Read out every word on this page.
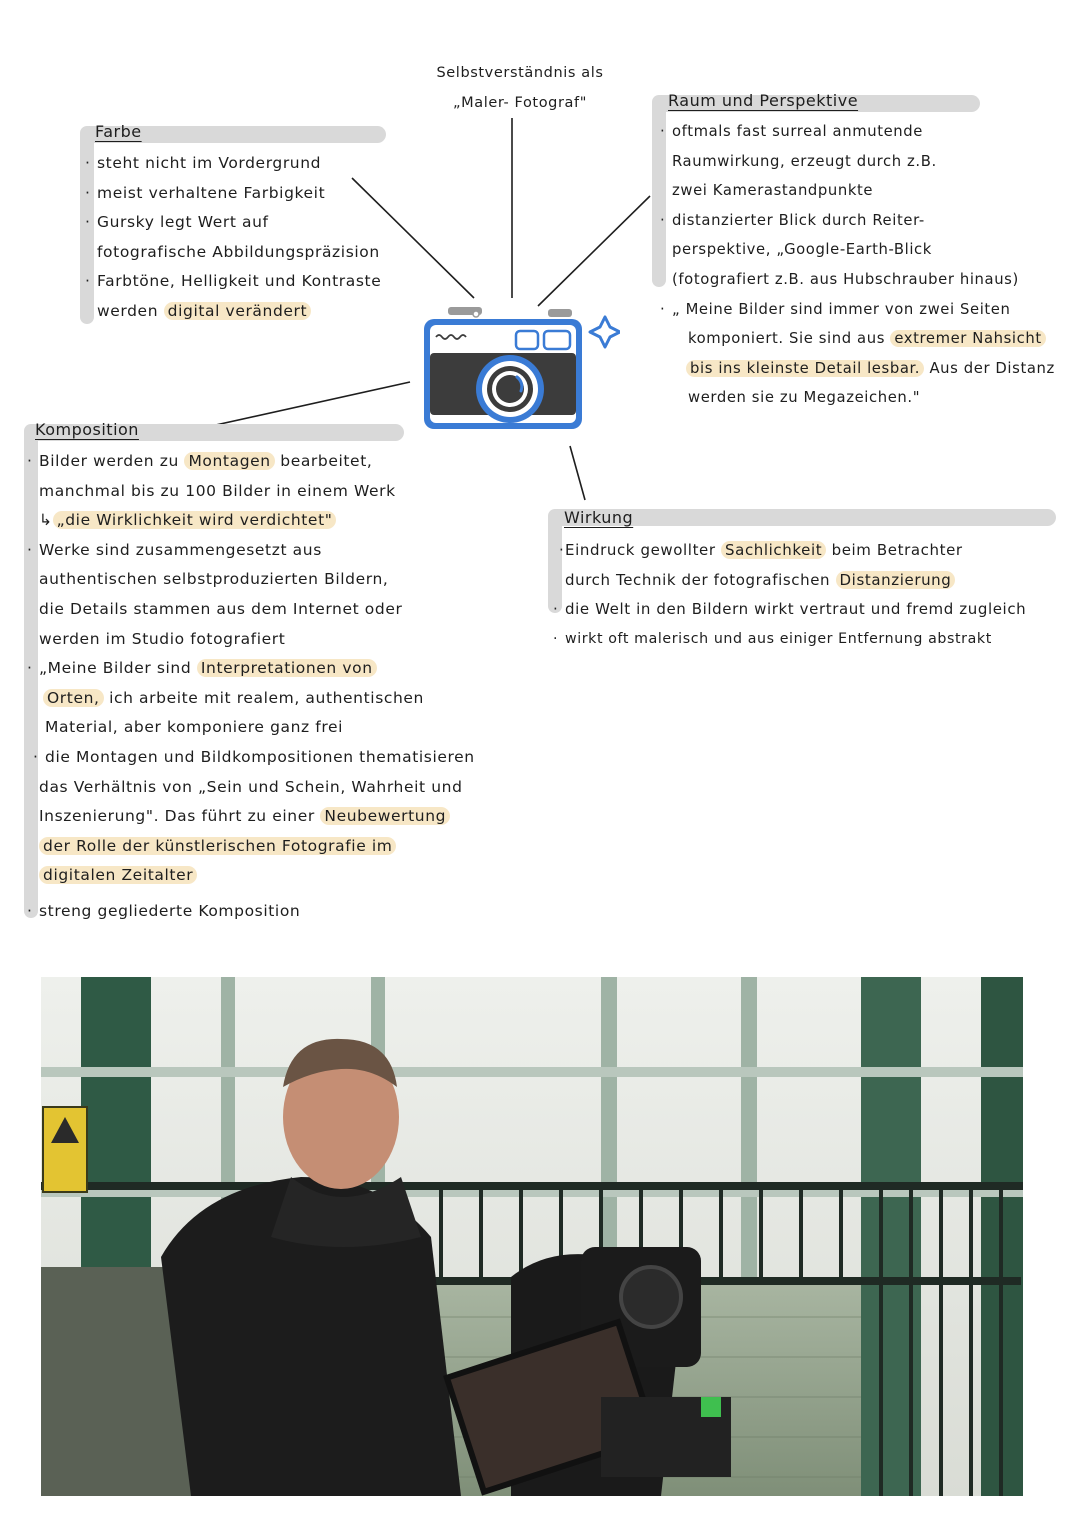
Selbstverständnis als
„Maler- Fotograf"
Farbe
· steht nicht im Vordergrund
· meist verhaltene Farbigkeit
· Gursky legt Wert auf
fotografische Abbildungspräzision
· Farbtöne, Helligkeit und Kontraste
werden digital verändert
Raum und Perspektive
· oftmals fast surreal anmutende
Raumwirkung, erzeugt durch z.B.
zwei Kamerastandpunkte
· distanzierter Blick durch Reiter-
perspektive, „Google-Earth-Blick
(fotografiert z.B. aus Hubschrauber hinaus)
· „ Meine Bilder sind immer von zwei Seiten
komponiert. Sie sind aus extremer Nahsicht
bis ins kleinste Detail lesbar. Aus der Distanz
werden sie zu Megazeichen."
Komposition
· Bilder werden zu Montagen bearbeitet,
manchmal bis zu 100 Bilder in einem Werk
↳ „die Wirklichkeit wird verdichtet"
· Werke sind zusammengesetzt aus
authentischen selbstproduzierten Bildern,
die Details stammen aus dem Internet oder
werden im Studio fotografiert
· „Meine Bilder sind Interpretationen von
Orten, ich arbeite mit realem, authentischen
Material, aber komponiere ganz frei
· die Montagen und Bildkompositionen thematisieren
das Verhältnis von „Sein und Schein, Wahrheit und
Inszenierung". Das führt zu einer Neubewertung
der Rolle der künstlerischen Fotografie im
digitalen Zeitalter
· streng gegliederte Komposition
Wirkung
· Eindruck gewollter Sachlichkeit beim Betrachter
durch Technik der fotografischen Distanzierung
· die Welt in den Bildern wirkt vertraut und fremd zugleich
· wirkt oft malerisch und aus einiger Entfernung abstrakt
